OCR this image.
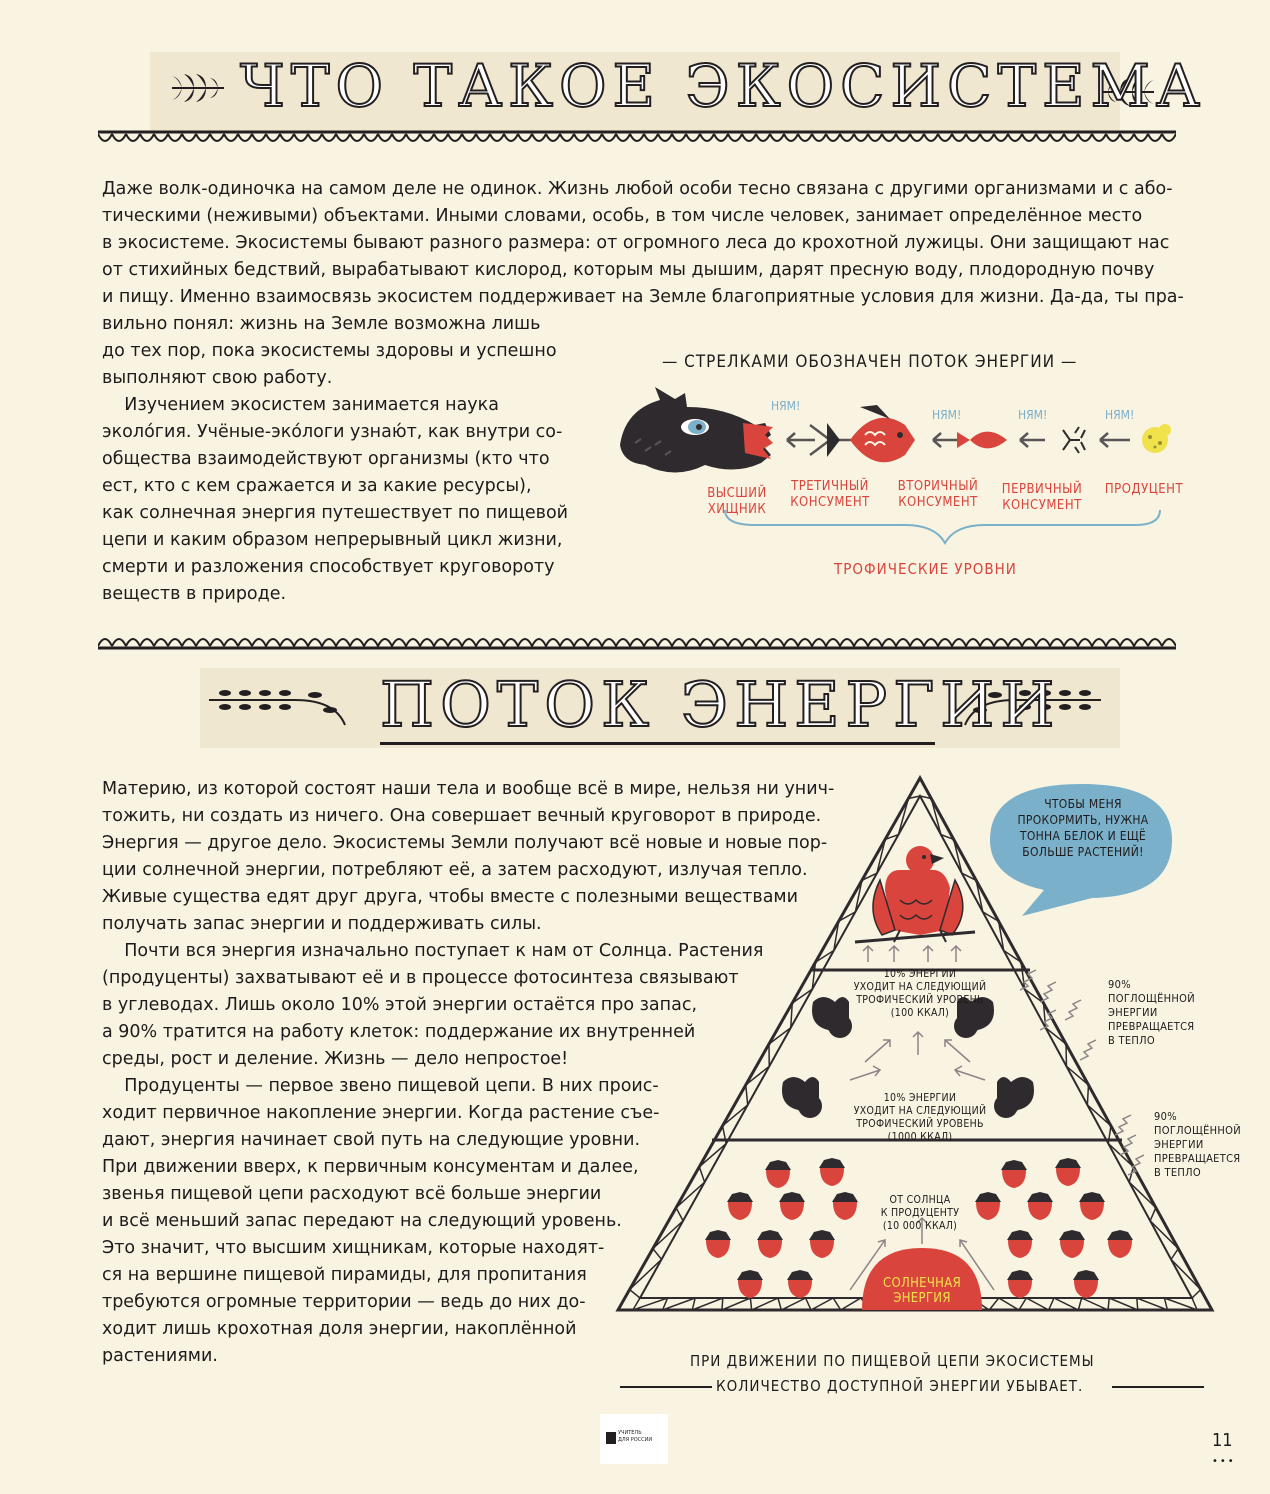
ЧТО ТАКОЕ ЭКОСИСТЕМА

Даже волк-одиночка на самом деле не одинок. Жизнь любой особи тесно связана с другими организмами и с або-

тическими (неживыми) объектами. Иными словами, особь, в том числе человек, занимает определённое место

в экосистеме. Экосистемы бывают разного размера: от огромного леса до крохотной лужицы. Они защищают нас

от стихийных бедствий, вырабатывают кислород, которым мы дышим, дарят пресную воду, плодородную почву

и пищу. Именно взаимосвязь экосистем поддерживает на Земле благоприятные условия для жизни. Да-да, ты пра-

вильно понял: жизнь на Земле возможна лишь

до тех пор, пока экосистемы здоровы и успешно

выполняют свою работу.

Изучением экосистем занимается наука

эколо́гия. Учёные-эко́логи узнаю́т, как внутри со-

общества взаимодействуют организмы (кто что

ест, кто с кем сражается и за какие ресурсы),

как солнечная энергия путешествует по пищевой

цепи и каким образом непрерывный цикл жизни,

смерти и разложения способствует круговороту

веществ в природе.

— СТРЕЛКАМИ ОБОЗНАЧЕН ПОТОК ЭНЕРГИИ —
НЯМ!
НЯМ!	НЯМ!	НЯМ!
ВЫСШИЙ
ХИЩНИК
ТРЕТИЧНЫЙ
КОНСУМЕНТ
ВТОРИЧНЫЙ
КОНСУМЕНТ
ПЕРВИЧНЫЙ
КОНСУМЕНТ
ПРОДУЦЕНТ
ТРОФИЧЕСКИЕ УРОВНИ
ПОТОК ЭНЕРГИИ

Материю, из которой состоят наши тела и вообще всё в мире, нельзя ни унич-

тожить, ни создать из ничего. Она совершает вечный круговорот в природе.

Энергия — другое дело. Экосистемы Земли получают всё новые и новые пор-

ции солнечной энергии, потребляют её, а затем расходуют, излучая тепло.

Живые существа едят друг друга, чтобы вместе с полезными веществами

получать запас энергии и поддерживать силы.

Почти вся энергия изначально поступает к нам от Солнца. Растения

(продуценты) захватывают её и в процессе фотосинтеза связывают

в углеводах. Лишь около 10% этой энергии остаётся про запас,

а 90% тратится на работу клеток: поддержание их внутренней

среды, рост и деление. Жизнь — дело непростое!

Продуценты — первое звено пищевой цепи. В них проис-

ходит первичное накопление энергии. Когда растение съе-

дают, энергия начинает свой путь на следующие уровни.

При движении вверх, к первичным консументам и далее,

звенья пищевой цепи расходуют всё больше энергии

и всё меньший запас передают на следующий уровень.

Это значит, что высшим хищникам, которые находят-

ся на вершине пищевой пирамиды, для пропитания

требуются огромные территории — ведь до них до-

ходит лишь крохотная доля энергии, накоплённой

растениями.

ЧТОБЫ МЕНЯ
ПРОКОРМИТЬ, НУЖНА
ТОННА БЕЛОК И ЕЩЁ
БОЛЬШЕ РАСТЕНИЙ!
10% ЭНЕРГИИ
УХОДИТ НА СЛЕДУЮЩИЙ
ТРОФИЧЕСКИЙ УРОВЕНЬ
(100 ККАЛ)
10% ЭНЕРГИИ
УХОДИТ НА СЛЕДУЮЩИЙ
ТРОФИЧЕСКИЙ УРОВЕНЬ
(1000 ККАЛ)
ОТ СОЛНЦА
К ПРОДУЦЕНТУ
(10 000 ККАЛ)
СОЛНЕЧНАЯ
ЭНЕРГИЯ
90%
ПОГЛОЩЁННОЙ
ЭНЕРГИИ
ПРЕВРАЩАЕТСЯ
В ТЕПЛО
90%
ПОГЛОЩЁННОЙ
ЭНЕРГИИ
ПРЕВРАЩАЕТСЯ
В ТЕПЛО
ПРИ ДВИЖЕНИИ ПО ПИЩЕВОЙ ЦЕПИ ЭКОСИСТЕМЫ
КОЛИЧЕСТВО ДОСТУПНОЙ ЭНЕРГИИ УБЫВАЕТ.
УЧИТЕЛЬ
ДЛЯ РОССИИ	11
•••
